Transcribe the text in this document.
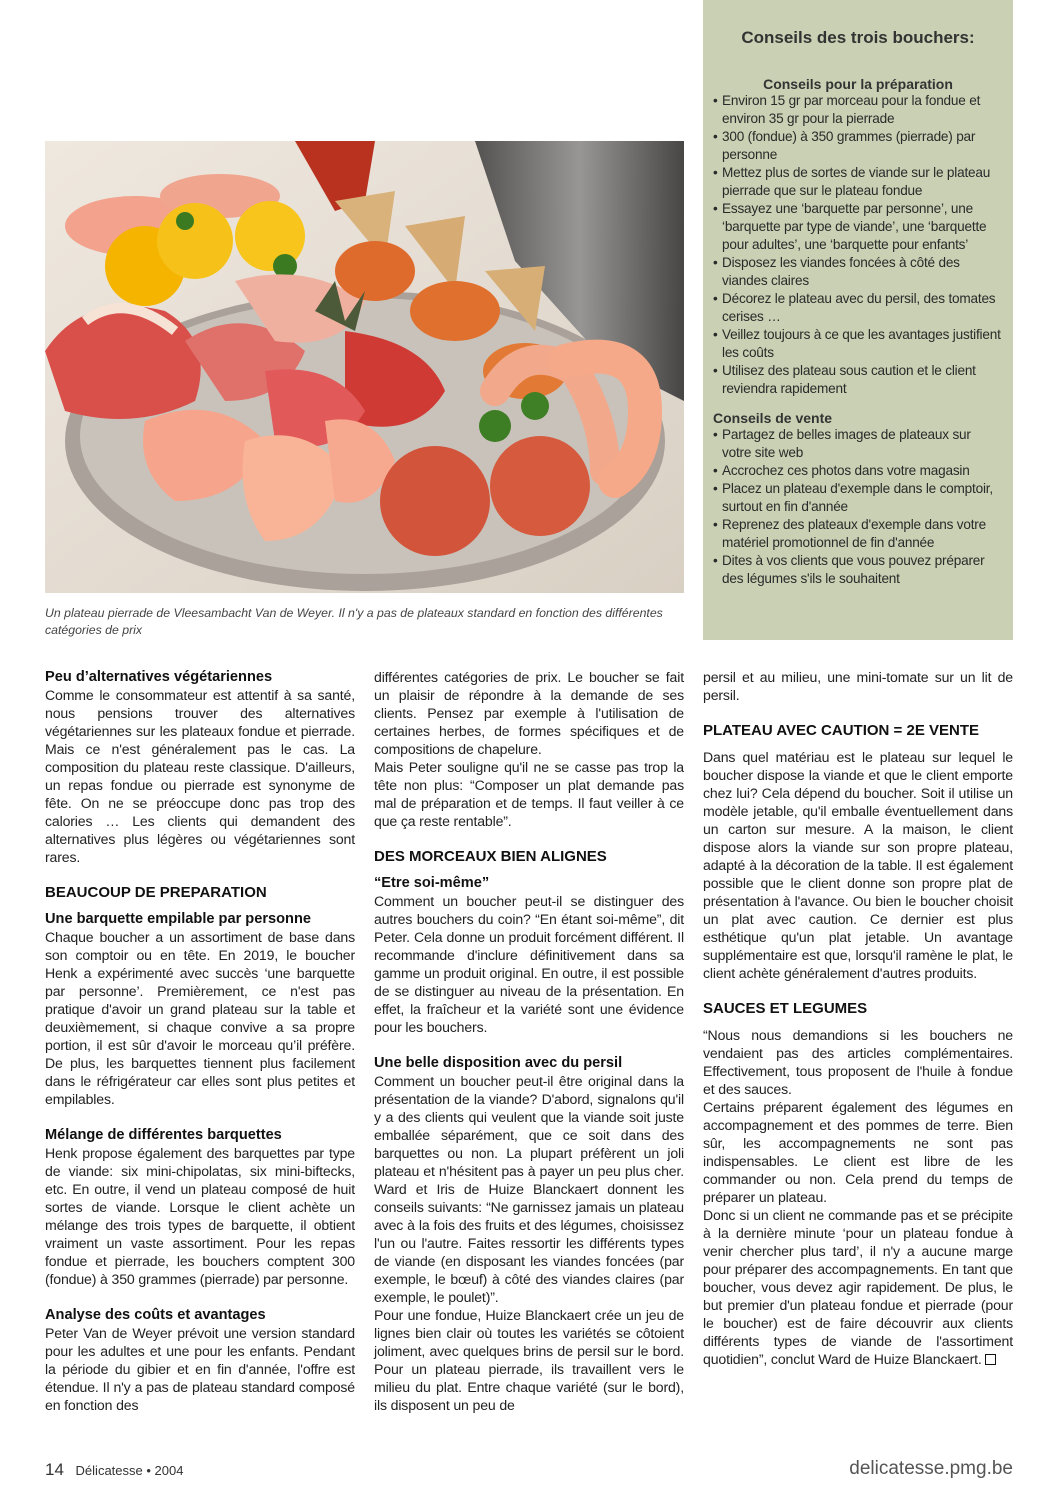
Conseils des trois bouchers:
Conseils pour la préparation
• Environ 15 gr par morceau pour la fondue et environ 35 gr pour la pierrade
• 300 (fondue) à 350 grammes (pierrade) par personne
• Mettez plus de sortes de viande sur le plateau pierrade que sur le plateau fondue
• Essayez une ‘barquette par personne’, une ‘barquette par type de viande’, une ‘barquette pour adultes’, une ‘barquette pour enfants’
• Disposez les viandes foncées à côté des viandes claires
• Décorez le plateau avec du persil, des tomates cerises …
• Veillez toujours à ce que les avantages justifient les coûts
• Utilisez des plateau sous caution et le client reviendra rapidement
Conseils de vente
• Partagez de belles images de plateaux sur votre site web
• Accrochez ces photos dans votre magasin
• Placez un plateau d'exemple dans le comptoir, surtout en fin d'année
• Reprenez des plateaux d'exemple dans votre matériel promotionnel de fin d'année
• Dites à vos clients que vous pouvez préparer des légumes s'ils le souhaitent
Un plateau pierrade de Vleesambacht Van de Weyer. Il n'y a pas de plateaux standard en fonction des différentes catégories de prix
Peu d’alternatives végétariennes

Comme le consommateur est attentif à sa santé, nous pensions trouver des alternatives végétariennes sur les plateaux fondue et pierrade. Mais ce n'est généralement pas le cas. La composition du plateau reste classique. D'ailleurs, un repas fondue ou pierrade est synonyme de fête. On ne se préoccupe donc pas trop des calories … Les clients qui demandent des alternatives plus légères ou végétariennes sont rares.

BEAUCOUP DE PREPARATION
Une barquette empilable par personne

Chaque boucher a un assortiment de base dans son comptoir ou en tête. En 2019, le boucher Henk a expérimenté avec succès ‘une barquette par personne’. Premièrement, ce n'est pas pratique d'avoir un grand plateau sur la table et deuxièmement, si chaque convive a sa propre portion, il est sûr d'avoir le morceau qu’il préfère. De plus, les barquettes tiennent plus facilement dans le réfrigérateur car elles sont plus petites et empilables.

Mélange de différentes barquettes

Henk propose également des barquettes par type de viande: six mini-chipolatas, six mini-biftecks, etc. En outre, il vend un plateau composé de huit sortes de viande. Lorsque le client achète un mélange des trois types de barquette, il obtient vraiment un vaste assortiment. Pour les repas fondue et pierrade, les bouchers comptent 300 (fondue) à 350 grammes (pierrade) par personne.

Analyse des coûts et avantages

Peter Van de Weyer prévoit une version standard pour les adultes et une pour les enfants. Pendant la période du gibier et en fin d'année, l'offre est étendue. Il n'y a pas de plateau standard composé en fonction des

différentes catégories de prix. Le boucher se fait un plaisir de répondre à la demande de ses clients. Pensez par exemple à l'utilisation de certaines herbes, de formes spécifiques et de compositions de chapelure.

Mais Peter souligne qu'il ne se casse pas trop la tête non plus: “Composer un plat demande pas mal de préparation et de temps. Il faut veiller à ce que ça reste rentable”.

DES MORCEAUX BIEN ALIGNES
“Etre soi-même”

Comment un boucher peut-il se distinguer des autres bouchers du coin? “En étant soi-même”, dit Peter. Cela donne un produit forcément différent. Il recommande d'inclure définitivement dans sa gamme un produit original. En outre, il est possible de se distinguer au niveau de la présentation. En effet, la fraîcheur et la variété sont une évidence pour les bouchers.

Une belle disposition avec du persil

Comment un boucher peut-il être original dans la présentation de la viande? D'abord, signalons qu'il y a des clients qui veulent que la viande soit juste emballée séparément, que ce soit dans des barquettes ou non. La plupart préfèrent un joli plateau et n'hésitent pas à payer un peu plus cher. Ward et Iris de Huize Blanckaert donnent les conseils suivants: “Ne garnissez jamais un plateau avec à la fois des fruits et des légumes, choisissez l'un ou l'autre. Faites ressortir les différents types de viande (en disposant les viandes foncées (par exemple, le bœuf) à côté des viandes claires (par exemple, le poulet)”.

Pour une fondue, Huize Blanckaert crée un jeu de lignes bien clair où toutes les variétés se côtoient joliment, avec quelques brins de persil sur le bord. Pour un plateau pierrade, ils travaillent vers le milieu du plat. Entre chaque variété (sur le bord), ils disposent un peu de

persil et au milieu, une mini-tomate sur un lit de persil.

PLATEAU AVEC CAUTION = 2E VENTE

Dans quel matériau est le plateau sur lequel le boucher dispose la viande et que le client emporte chez lui? Cela dépend du boucher. Soit il utilise un modèle jetable, qu'il emballe éventuellement dans un carton sur mesure. A la maison, le client dispose alors la viande sur son propre plateau, adapté à la décoration de la table. Il est également possible que le client donne son propre plat de présentation à l'avance. Ou bien le boucher choisit un plat avec caution. Ce dernier est plus esthétique qu'un plat jetable. Un avantage supplémentaire est que, lorsqu'il ramène le plat, le client achète généralement d'autres produits.

SAUCES ET LEGUMES

“Nous nous demandions si les bouchers ne vendaient pas des articles complémentaires. Effectivement, tous proposent de l'huile à fondue et des sauces.

Certains préparent également des légumes en accompagnement et des pommes de terre. Bien sûr, les accompagnements ne sont pas indispensables. Le client est libre de les commander ou non. Cela prend du temps de préparer un plateau.

Donc si un client ne commande pas et se précipite à la dernière minute ‘pour un plateau fondue à venir chercher plus tard’, il n'y a aucune marge pour préparer des accompagnements. En tant que boucher, vous devez agir rapidement. De plus, le but premier d'un plateau fondue et pierrade (pour le boucher) est de faire découvrir aux clients différents types de viande de l'assortiment quotidien”, conclut Ward de Huize Blanckaert.

14 Délicatesse • 2004	delicatesse.pmg.be
